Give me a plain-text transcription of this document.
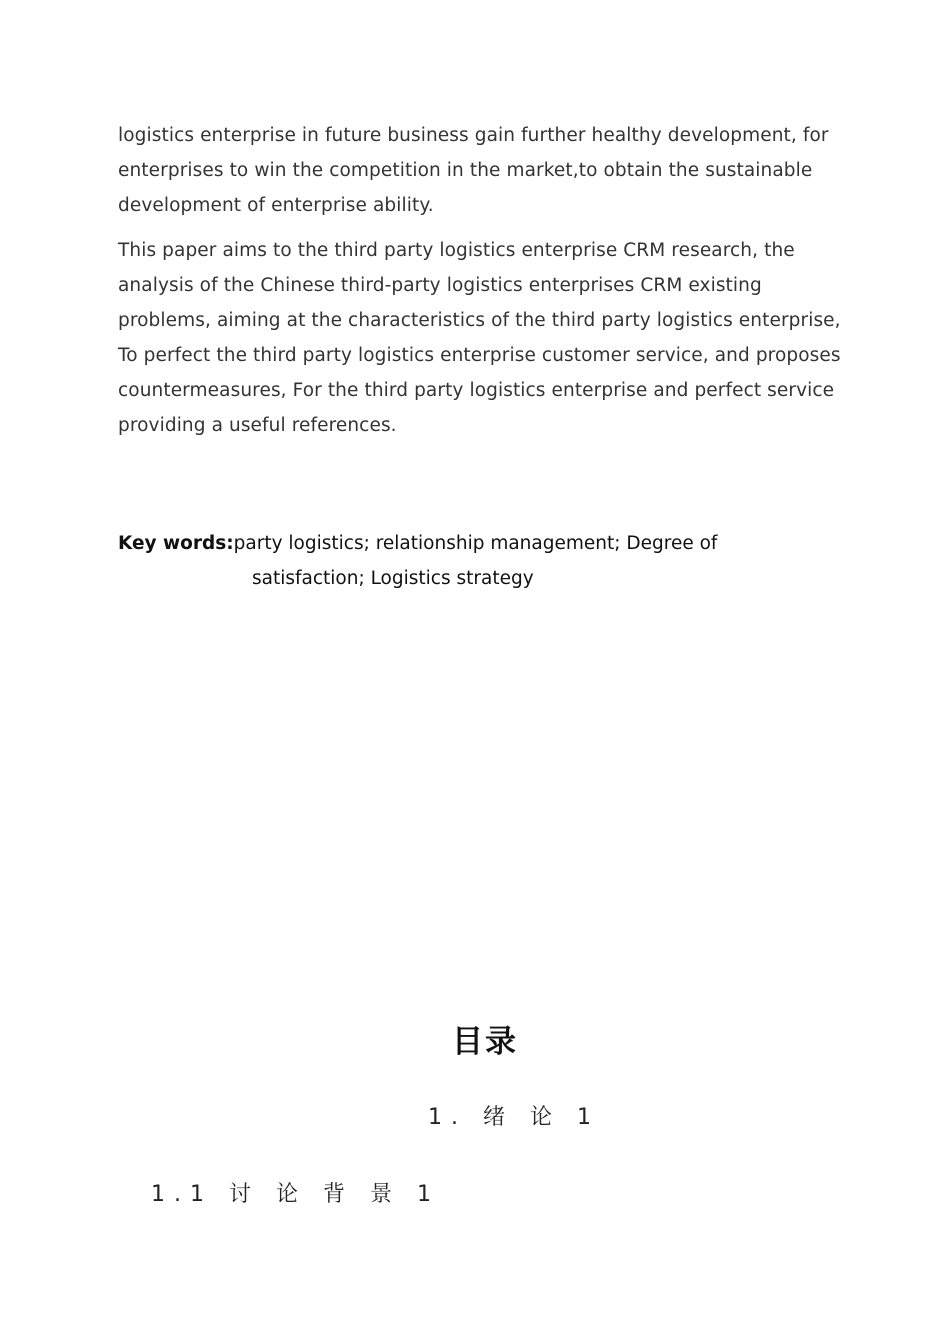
logistics enterprise in future business gain further healthy development, for enterprises to win the competition in the market,to obtain the sustainable development of enterprise ability.

This paper aims to the third party logistics enterprise CRM research, the analysis of the Chinese third-party logistics enterprises CRM existing problems, aiming at the characteristics of the third party logistics enterprise, To perfect the third party logistics enterprise customer service, and proposes countermeasures, For the third party logistics enterprise and perfect service providing a useful references.

Key words:party logistics; relationship management; Degree of
satisfaction; Logistics strategy
目录
1. 绪 论 1
1.1 讨 论 背 景 1
